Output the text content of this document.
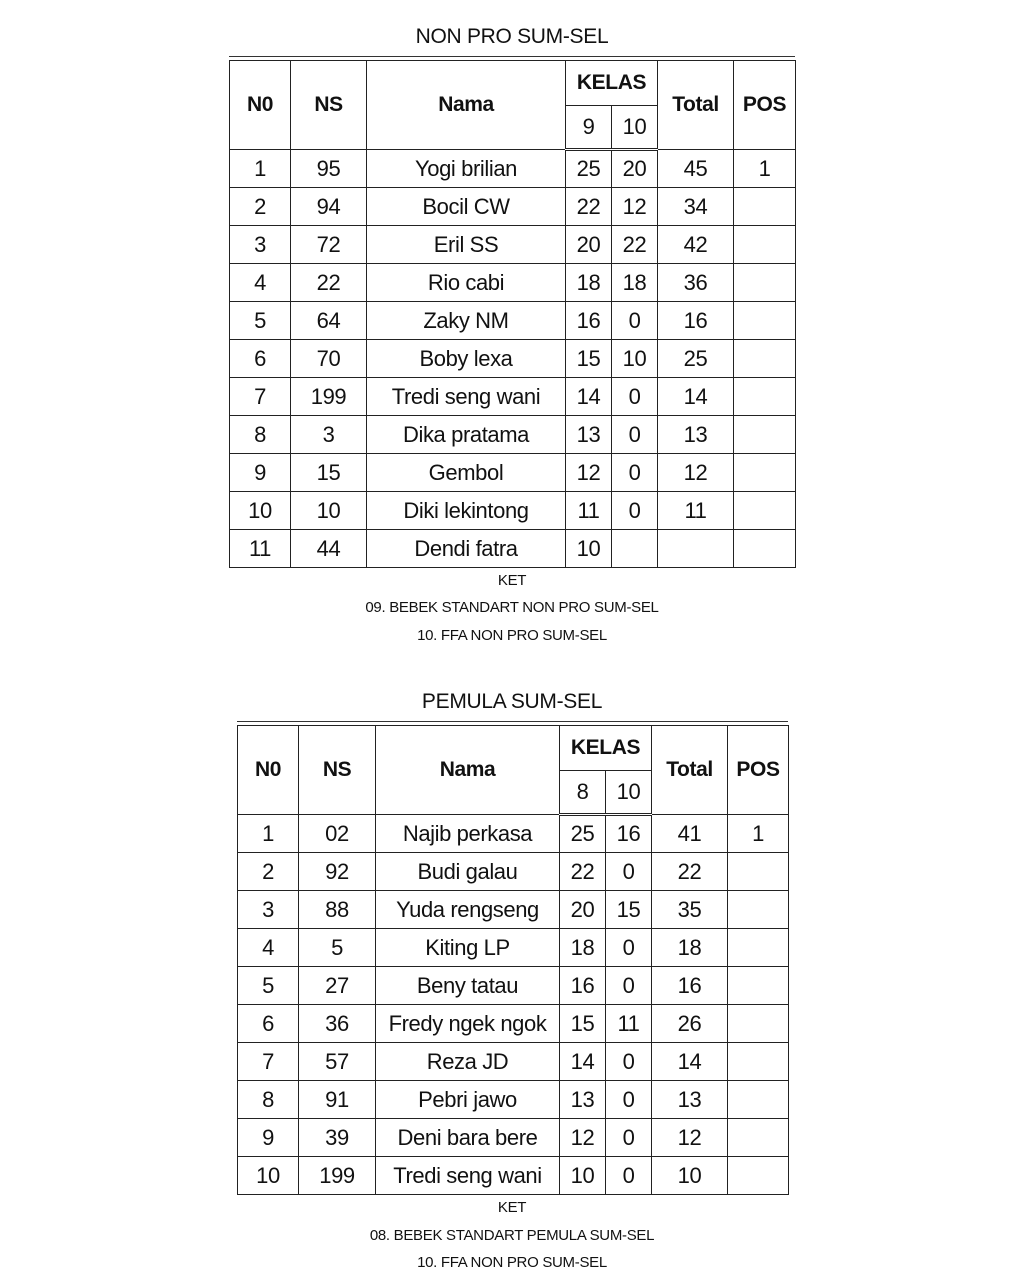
NON PRO SUM-SEL
N0	NS	Nama	KELAS		Total	POS
			9	10		
1	95	Yogi brilian	25	20	45	1
2	94	Bocil CW	22	12	34	
3	72	Eril SS	20	22	42	
4	22	Rio cabi	18	18	36	
5	64	Zaky NM	16	0	16	
6	70	Boby lexa	15	10	25	
7	199	Tredi seng wani	14	0	14	
8	3	Dika pratama	13	0	13	
9	15	Gembol	12	0	12	
10	10	Diki lekintong	11	0	11	
11	44	Dendi fatra	10			
KET
09. BEBEK STANDART NON PRO SUM-SEL
10. FFA NON PRO SUM-SEL
PEMULA SUM-SEL
N0	NS	Nama	KELAS		Total	POS
			8	10		
1	02	Najib perkasa	25	16	41	1
2	92	Budi galau	22	0	22	
3	88	Yuda rengseng	20	15	35	
4	5	Kiting LP	18	0	18	
5	27	Beny tatau	16	0	16	
6	36	Fredy ngek ngok	15	11	26	
7	57	Reza JD	14	0	14	
8	91	Pebri jawo	13	0	13	
9	39	Deni bara bere	12	0	12	
10	199	Tredi seng wani	10	0	10	
KET
08. BEBEK STANDART PEMULA SUM-SEL
10. FFA NON PRO SUM-SEL
